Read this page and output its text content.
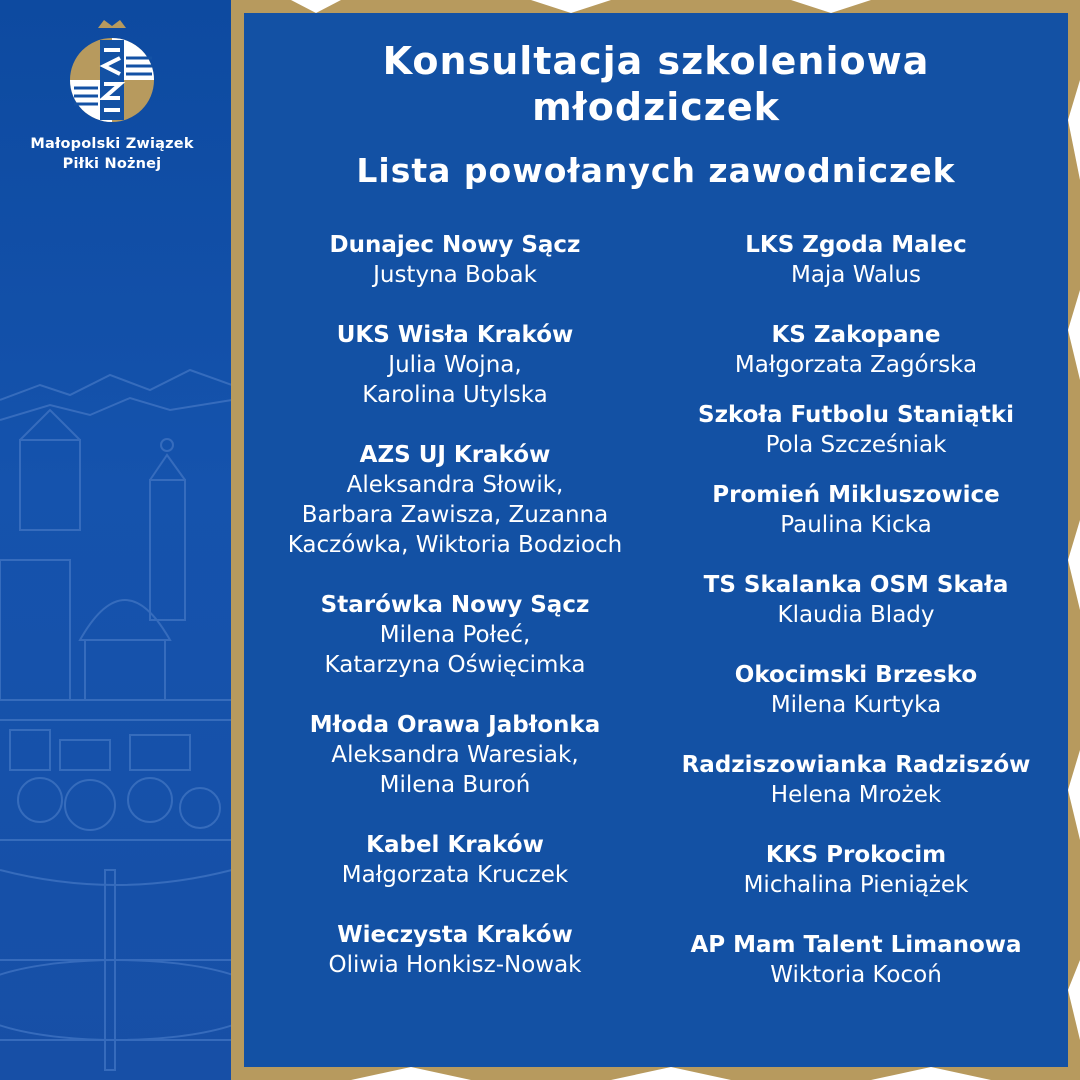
Małopolski Związek
Piłki Nożnej
Konsultacja szkoleniowa
młodziczek
Lista powołanych zawodniczek
Dunajec Nowy Sącz
Justyna Bobak
UKS Wisła Kraków
Julia Wojna,
Karolina Utylska
AZS UJ Kraków
Aleksandra Słowik,
Barbara Zawisza, Zuzanna
Kaczówka, Wiktoria Bodzioch
Starówka Nowy Sącz
Milena Połeć,
Katarzyna Oświęcimka
Młoda Orawa Jabłonka
Aleksandra Waresiak,
Milena Buroń
Kabel Kraków
Małgorzata Kruczek
Wieczysta Kraków
Oliwia Honkisz-Nowak
LKS Zgoda Malec
Maja Walus
KS Zakopane
Małgorzata Zagórska
Szkoła Futbolu Staniątki
Pola Szcześniak
Promień Mikluszowice
Paulina Kicka
TS Skalanka OSM Skała
Klaudia Blady
Okocimski Brzesko
Milena Kurtyka
Radziszowianka Radziszów
Helena Mrożek
KKS Prokocim
Michalina Pieniążek
AP Mam Talent Limanowa
Wiktoria Kocoń
